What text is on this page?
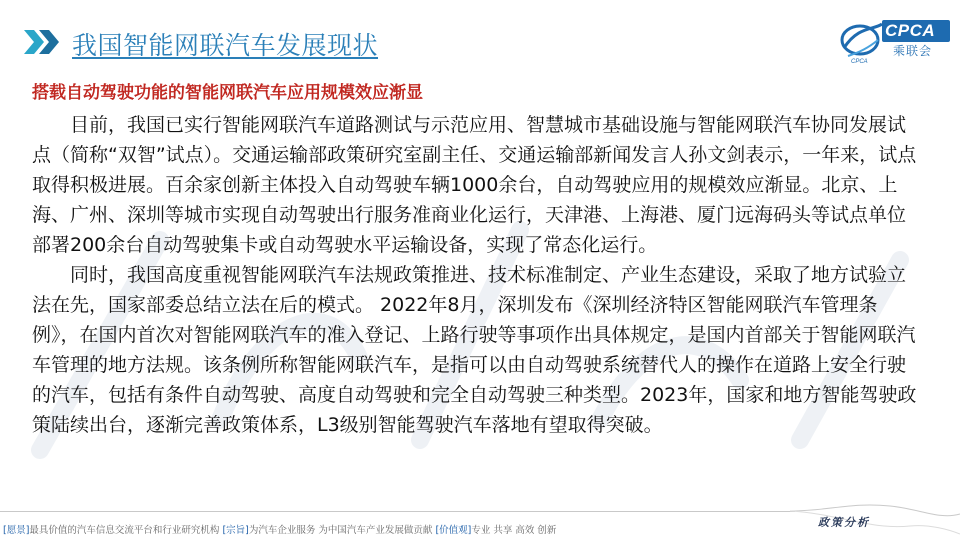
我国智能网联汽车发展现状
CPCA
CPCA
乘联会
搭载自动驾驶功能的智能网联汽车应用规模效应渐显

目前，我国已实行智能网联汽车道路测试与示范应用、智慧城市基础设施与智能网联汽车协同发展试点（简称“双智”试点）。交通运输部政策研究室副主任、交通运输部新闻发言人孙文剑表示，一年来，试点取得积极进展。百余家创新主体投入自动驾驶车辆1000余台，自动驾驶应用的规模效应渐显。北京、上海、广州、深圳等城市实现自动驾驶出行服务准商业化运行，天津港、上海港、厦门远海码头等试点单位部署200余台自动驾驶集卡或自动驾驶水平运输设备，实现了常态化运行。

同时，我国高度重视智能网联汽车法规政策推进、技术标准制定、产业生态建设，采取了地方试验立法在先，国家部委总结立法在后的模式。 2022年8月，深圳发布《深圳经济特区智能网联汽车管理条例》，在国内首次对智能网联汽车的准入登记、上路行驶等事项作出具体规定，是国内首部关于智能网联汽车管理的地方法规。该条例所称智能网联汽车，是指可以由自动驾驶系统替代人的操作在道路上安全行驶的汽车，包括有条件自动驾驶、高度自动驾驶和完全自动驾驶三种类型。2023年，国家和地方智能驾驶政策陆续出台，逐渐完善政策体系，L3级别智能驾驶汽车落地有望取得突破。

[愿景]最具价值的汽车信息交流平台和行业研究机构 [宗旨]为汽车企业服务 为中国汽车产业发展做贡献 [价值观]专业 共享 高效 创新
政策分析
